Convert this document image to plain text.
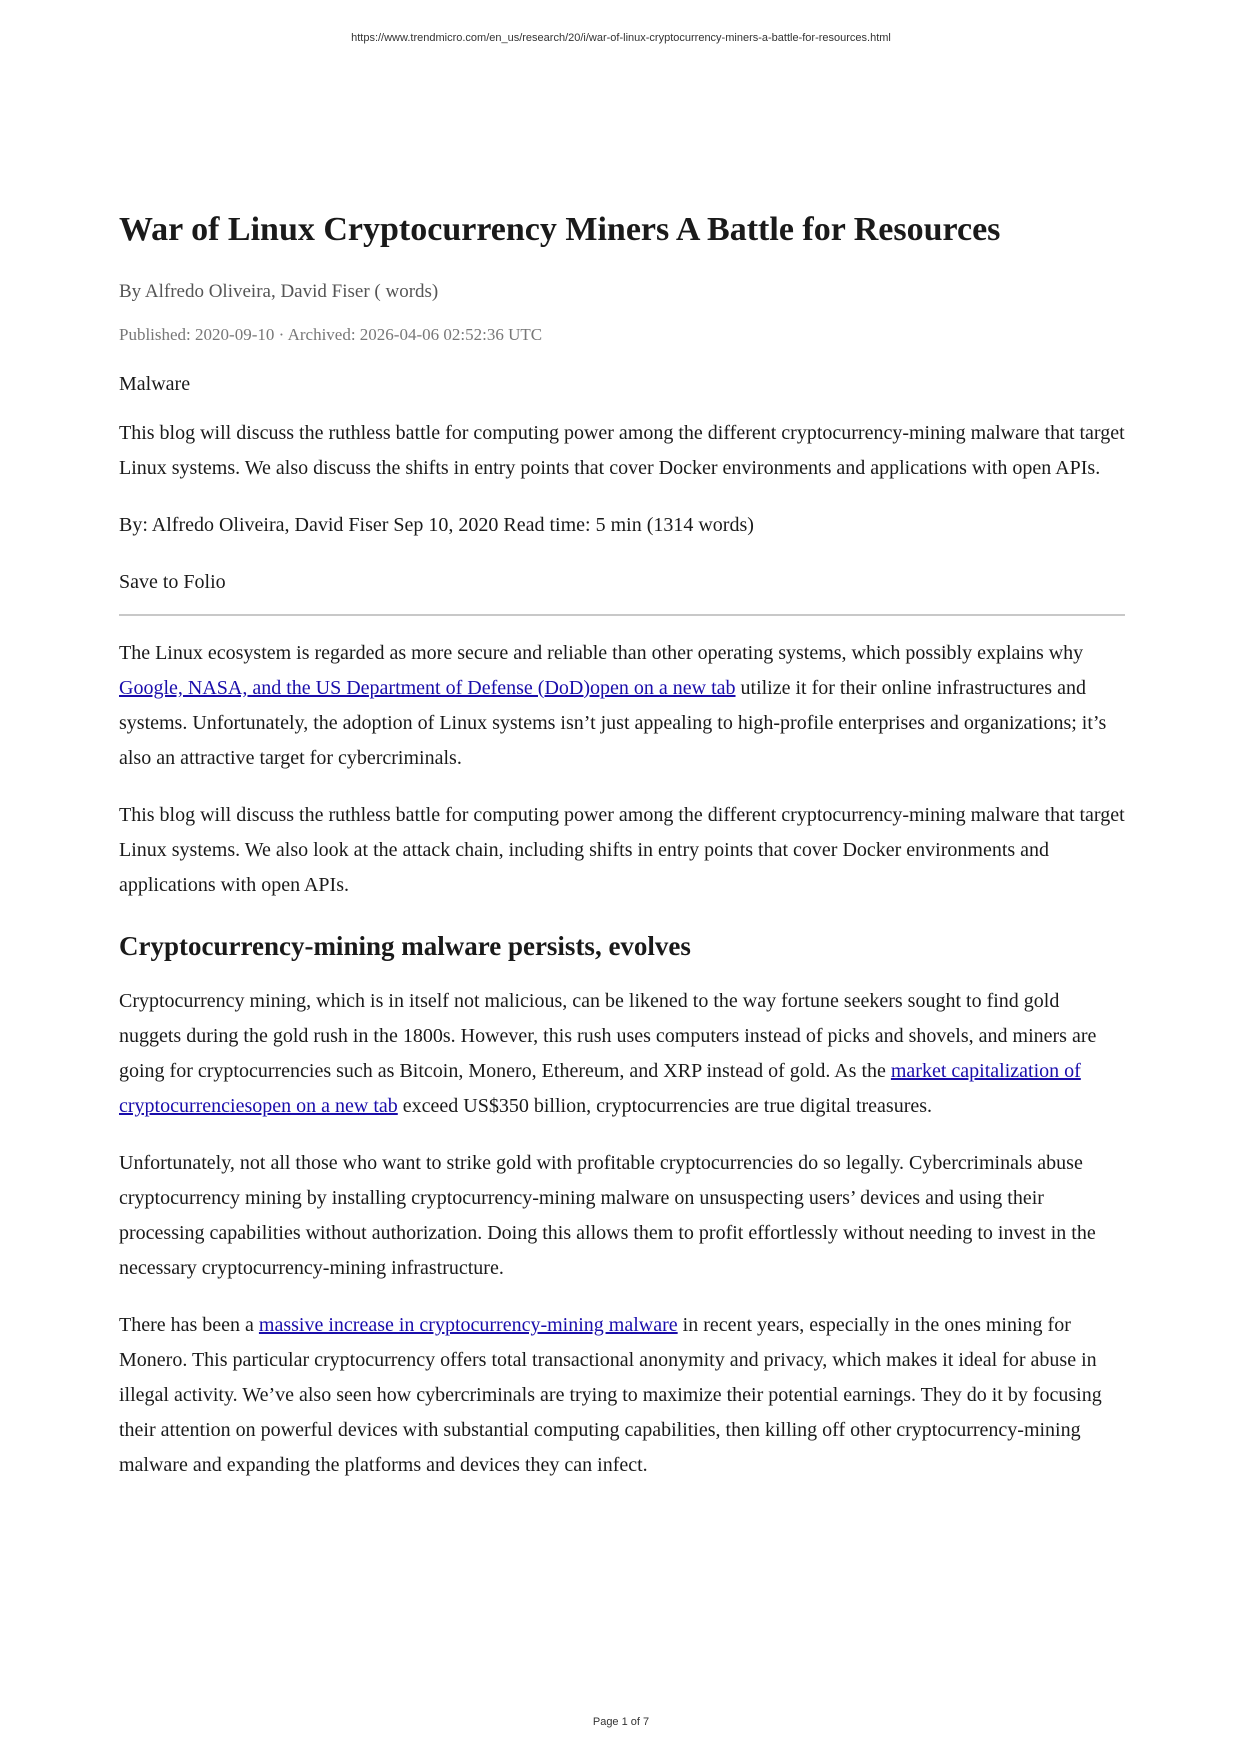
https://www.trendmicro.com/en_us/research/20/i/war-of-linux-cryptocurrency-miners-a-battle-for-resources.html
War of Linux Cryptocurrency Miners A Battle for Resources
By Alfredo Oliveira, David Fiser ( words)
Published: 2020-09-10 · Archived: 2026-04-06 02:52:36 UTC

Malware

This blog will discuss the ruthless battle for computing power among the different cryptocurrency-mining malware that target Linux systems. We also discuss the shifts in entry points that cover Docker environments and applications with open APIs.

By: Alfredo Oliveira, David Fiser Sep 10, 2020 Read time: 5 min (1314 words)

Save to Folio

The Linux ecosystem is regarded as more secure and reliable than other operating systems, which possibly explains why Google, NASA, and the US Department of Defense (DoD)open on a new tab utilize it for their online infrastructures and systems. Unfortunately, the adoption of Linux systems isn’t just appealing to high-profile enterprises and organizations; it’s also an attractive target for cybercriminals.

This blog will discuss the ruthless battle for computing power among the different cryptocurrency-mining malware that target Linux systems. We also look at the attack chain, including shifts in entry points that cover Docker environments and applications with open APIs.

Cryptocurrency-mining malware persists, evolves

Cryptocurrency mining, which is in itself not malicious, can be likened to the way fortune seekers sought to find gold nuggets during the gold rush in the 1800s. However, this rush uses computers instead of picks and shovels, and miners are going for cryptocurrencies such as Bitcoin, Monero, Ethereum, and XRP instead of gold. As the market capitalization of cryptocurrenciesopen on a new tab exceed US$350 billion, cryptocurrencies are true digital treasures.

Unfortunately, not all those who want to strike gold with profitable cryptocurrencies do so legally. Cybercriminals abuse cryptocurrency mining by installing cryptocurrency-mining malware on unsuspecting users’ devices and using their processing capabilities without authorization. Doing this allows them to profit effortlessly without needing to invest in the necessary cryptocurrency-mining infrastructure.

There has been a massive increase in cryptocurrency-mining malware in recent years, especially in the ones mining for Monero. This particular cryptocurrency offers total transactional anonymity and privacy, which makes it ideal for abuse in illegal activity. We’ve also seen how cybercriminals are trying to maximize their potential earnings. They do it by focusing their attention on powerful devices with substantial computing capabilities, then killing off other cryptocurrency-mining malware and expanding the platforms and devices they can infect.

Page 1 of 7
